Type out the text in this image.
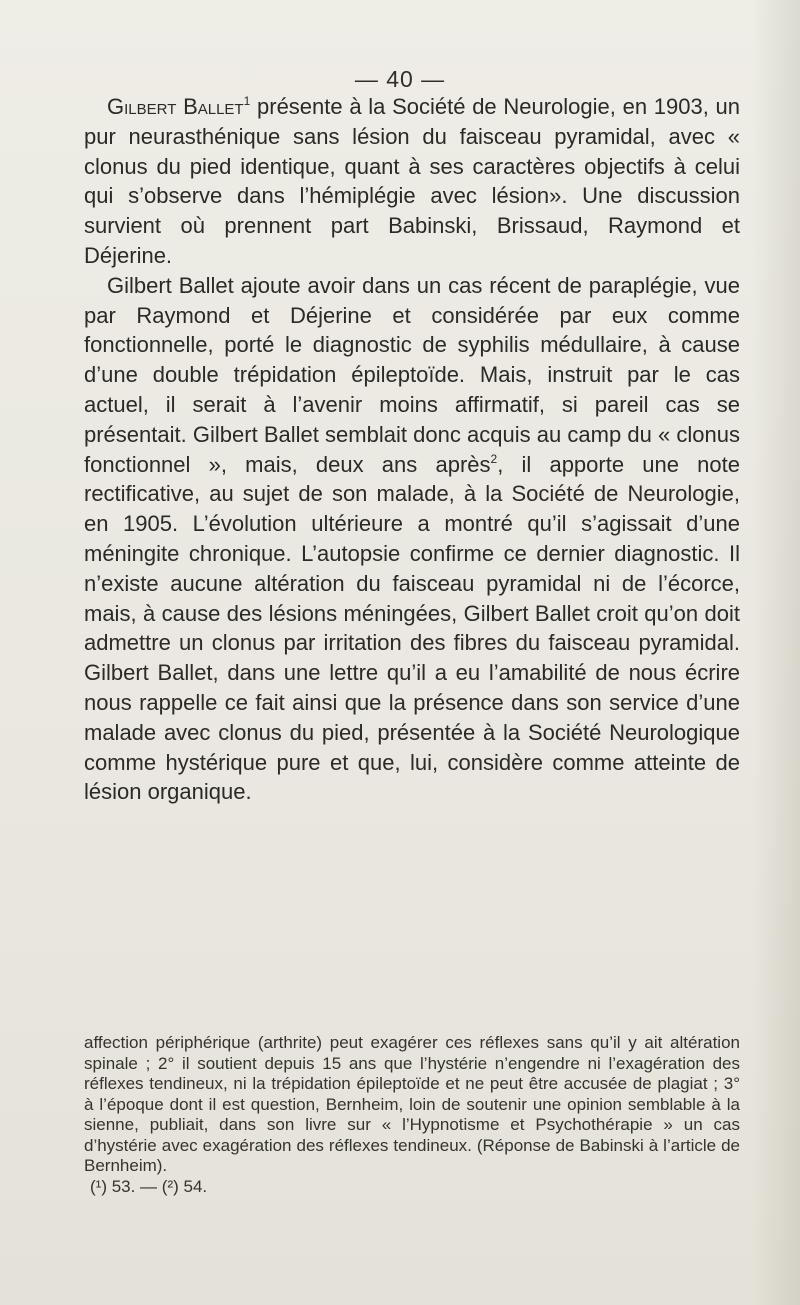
— 40 —

Gilbert Ballet$^1$ présente à la Société de Neurologie, en 1903, un pur neurasthénique sans lésion du faisceau pyramidal, avec « clonus du pied identique, quant à ses caractères objectifs à celui qui s’observe dans l’hémiplégie avec lésion». Une discussion survient où prennent part Babinski, Brissaud, Raymond et Déjerine.

Gilbert Ballet ajoute avoir dans un cas récent de paraplégie, vue par Raymond et Déjerine et considérée par eux comme fonctionnelle, porté le diagnostic de syphilis médullaire, à cause d’une double trépidation épileptoïde. Mais, instruit par le cas actuel, il serait à l’avenir moins affirmatif, si pareil cas se présentait. Gilbert Ballet semblait donc acquis au camp du « clonus fonctionnel », mais, deux ans après$^2$, il apporte une note rectificative, au sujet de son malade, à la Société de Neurologie, en 1905. L’évolution ultérieure a montré qu’il s’agissait d’une méningite chronique. L’autopsie confirme ce dernier diagnostic. Il n’existe aucune altération du faisceau pyramidal ni de l’écorce, mais, à cause des lésions méningées, Gilbert Ballet croit qu’on doit admettre un clonus par irritation des fibres du faisceau pyramidal. Gilbert Ballet, dans une lettre qu’il a eu l’amabilité de nous écrire nous rappelle ce fait ainsi que la présence dans son service d’une malade avec clonus du pied, présentée à la Société Neurologique comme hystérique pure et que, lui, considère comme atteinte de lésion organique.

affection périphérique (arthrite) peut exagérer ces réflexes sans qu’il y ait altération spinale ; 2° il soutient depuis 15 ans que l’hystérie n’engendre ni l’exagération des réflexes tendineux, ni la trépidation épileptoïde et ne peut être accusée de plagiat ; 3° à l’époque dont il est question, Bernheim, loin de soutenir une opinion semblable à la sienne, publiait, dans son livre sur « l’Hypnotisme et Psychothérapie » un cas d’hystérie avec exagération des réflexes tendineux. (Réponse de Babinski à l’article de Bernheim).

(¹) 53. — (²) 54.
